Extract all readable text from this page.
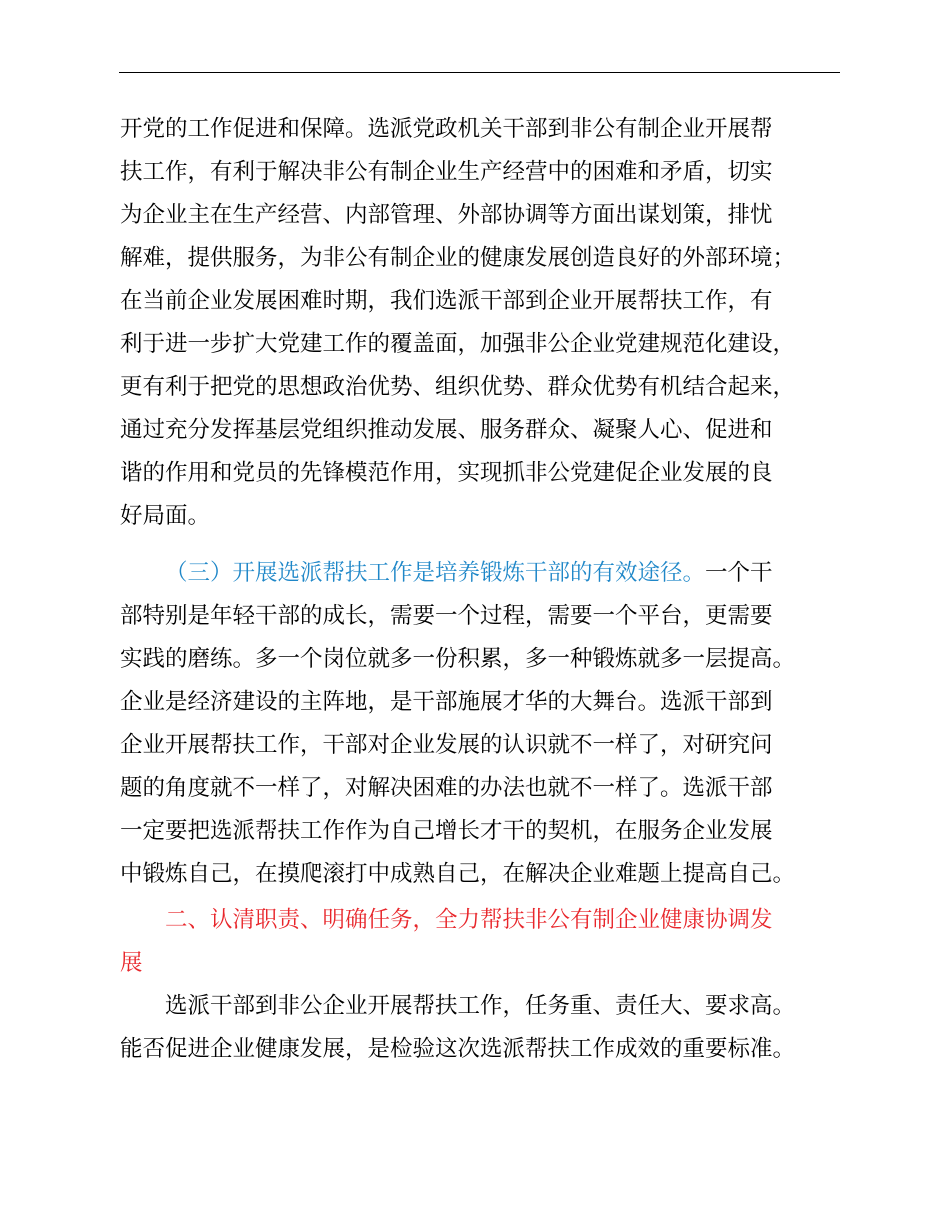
开党的工作促进和保障。选派党政机关干部到非公有制企业开展帮
扶工作，有利于解决非公有制企业生产经营中的困难和矛盾，切实
为企业主在生产经营、内部管理、外部协调等方面出谋划策，排忧
解难，提供服务，为非公有制企业的健康发展创造良好的外部环境；
在当前企业发展困难时期，我们选派干部到企业开展帮扶工作，有
利于进一步扩大党建工作的覆盖面，加强非公企业党建规范化建设，
更有利于把党的思想政治优势、组织优势、群众优势有机结合起来，
通过充分发挥基层党组织推动发展、服务群众、凝聚人心、促进和
谐的作用和党员的先锋模范作用，实现抓非公党建促企业发展的良
好局面。
（三）开展选派帮扶工作是培养锻炼干部的有效途径。一个干
部特别是年轻干部的成长，需要一个过程，需要一个平台，更需要
实践的磨练。多一个岗位就多一份积累，多一种锻炼就多一层提高。
企业是经济建设的主阵地，是干部施展才华的大舞台。选派干部到
企业开展帮扶工作，干部对企业发展的认识就不一样了，对研究问
题的角度就不一样了，对解决困难的办法也就不一样了。选派干部
一定要把选派帮扶工作作为自己增长才干的契机，在服务企业发展
中锻炼自己，在摸爬滚打中成熟自己，在解决企业难题上提高自己。
二、认清职责、明确任务，全力帮扶非公有制企业健康协调发
展
选派干部到非公企业开展帮扶工作，任务重、责任大、要求高。
能否促进企业健康发展，是检验这次选派帮扶工作成效的重要标准。
